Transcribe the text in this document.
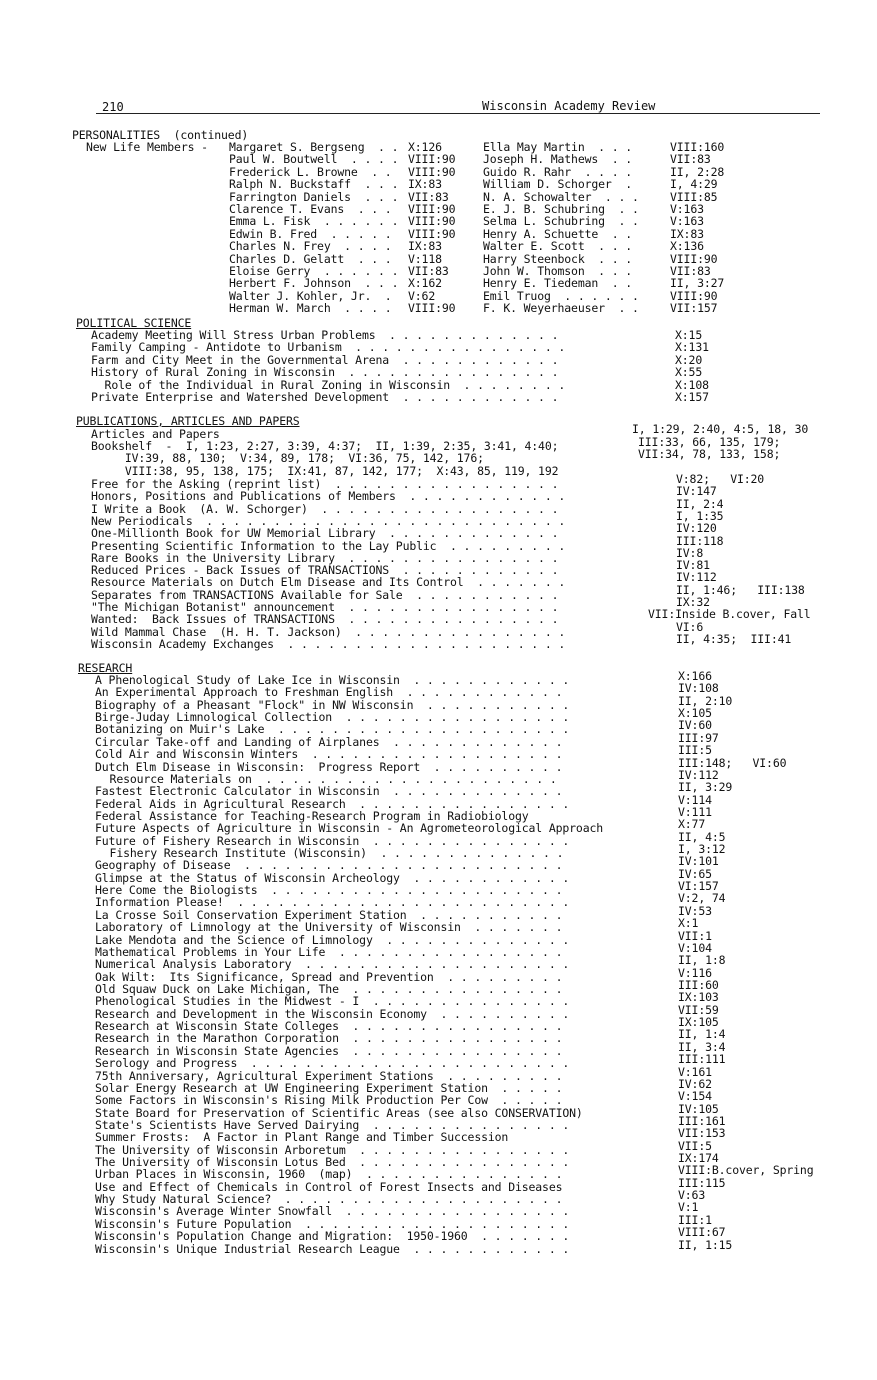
210	Wisconsin Academy Review
PERSONALITIES  (continued)
New Life Members - Margaret S. Bergseng  . . X:126
Paul W. Boutwell  . . . . VIII:90
Frederick L. Browne  . . VIII:90
Ralph N. Buckstaff  . . . IX:83
Farrington Daniels  . . . VII:83
Clarence T. Evans  . . . VIII:90
Emma L. Fisk  . . . . . . VIII:90
Edwin B. Fred  . . . . . VIII:90
Charles N. Frey  . . . . IX:83
Charles D. Gelatt  . . . V:118
Eloise Gerry  . . . . . . VII:83
Herbert F. Johnson  . . . X:162
Walter J. Kohler, Jr.  . V:62
Herman W. March  . . . . VIII:90
Ella May Martin  . . .	VIII:160
Joseph H. Mathews  . .	VII:83
Guido R. Rahr  . . . .	II, 2:28
William D. Schorger  .	I, 4:29
N. A. Schowalter  . . .	VIII:85
E. J. B. Schubring  . .	V:163
Selma L. Schubring  . .	V:163
Henry A. Schuette  . .	IX:83
Walter E. Scott  . . .	X:136
Harry Steenbock  . . .	VIII:90
John W. Thomson  . . .	VII:83
Henry E. Tiedeman  . .	II, 3:27
Emil Truog  . . . . . .	VIII:90
F. K. Weyerhaeuser  . .	VII:157
POLITICAL SCIENCE
Academy Meeting Will Stress Urban Problems  . . . . . . . . . . . . .	X:15
Family Camping - Antidote to Urbanism  . . . . . . . . . . . . . . . .	X:131
Farm and City Meet in the Governmental Arena  . . . . . . . . . . . .	X:20
History of Rural Zoning in Wisconsin  . . . . . . . . . . . . . . . .	X:55
Role of the Individual in Rural Zoning in Wisconsin  . . . . . . . .	X:108
Private Enterprise and Watershed Development  . . . . . . . . . . . .	X:157
PUBLICATIONS, ARTICLES AND PAPERS
Articles and Papers	I, 1:29, 2:40, 4:5, 18, 30
Bookshelf  -  I, 1:23, 2:27, 3:39, 4:37;  II, 1:39, 2:35, 3:41, 4:40;
IV:39, 88, 130;  V:34, 89, 178;  VI:36, 75, 142, 176;
VIII:38, 95, 138, 175;  IX:41, 87, 142, 177;  X:43, 85, 119, 192
III:33, 66, 135, 179;
VII:34, 78, 133, 158;
Free for the Asking (reprint list)  . . . . . . . . . . . . . . . . .	V:82;   VI:20
Honors, Positions and Publications of Members  . . . . . . . . . . . .	IV:147
I Write a Book  (A. W. Schorger)  . . . . . . . . . . . . . . . . . .	II, 2:4
New Periodicals  . . . . . . . . . . . . . . . . . . . . . . . . . . .	I, 1:35
One-Millionth Book for UW Memorial Library  . . . . . . . . . . . . .	IV:120
Presenting Scientific Information to the Lay Public  . . . . . . . . .	III:118
Rare Books in the University Library  . . . . . . . . . . . . . . . .	IV:8
Reduced Prices - Back Issues of TRANSACTIONS  . . . . . . . . . . . .	IV:81
Resource Materials on Dutch Elm Disease and Its Control  . . . . . . .	IV:112
Separates from TRANSACTIONS Available for Sale  . . . . . . . . . . .	II, 1:46;   III:138
"The Michigan Botanist" announcement  . . . . . . . . . . . . . . . .	IX:32
Wanted:  Back Issues of TRANSACTIONS  . . . . . . . . . . . . . . . .	VII:Inside B.cover, Fall
Wild Mammal Chase  (H. H. T. Jackson)  . . . . . . . . . . . . . . . .	VI:6
Wisconsin Academy Exchanges  . . . . . . . . . . . . . . . . . . . . .	II, 4:35;  III:41
RESEARCH
A Phenological Study of Lake Ice in Wisconsin  . . . . . . . . . . . .	X:166
An Experimental Approach to Freshman English  . . . . . . . . . . . .	IV:108
Biography of a Pheasant "Flock" in NW Wisconsin  . . . . . . . . . . .	II, 2:10
Birge-Juday Limnological Collection  . . . . . . . . . . . . . . . . .	X:105
Botanizing on Muir's Lake  . . . . . . . . . . . . . . . . . . . . . .	IV:60
Circular Take-off and Landing of Airplanes  . . . . . . . . . . . . .	III:97
Cold Air and Wisconsin Winters  . . . . . . . . . . . . . . . . . . .	III:5
Dutch Elm Disease in Wisconsin:  Progress Report  . . . . . . . . . .	III:148;   VI:60
Resource Materials on  . . . . . . . . . . . . . . . . . . . . . .	IV:112
Fastest Electronic Calculator in Wisconsin  . . . . . . . . . . . . .	II, 3:29
Federal Aids in Agricultural Research  . . . . . . . . . . . . . . . .	V:114
Federal Assistance for Teaching-Research Program in Radiobiology	V:111
Future Aspects of Agriculture in Wisconsin - An Agrometeorological Approach	X:77
Future of Fishery Research in Wisconsin  . . . . . . . . . . . . . . .	II, 4:5
Fishery Research Institute (Wisconsin)  . . . . . . . . . . . . . .	I, 3:12
Geography of Disease  . . . . . . . . . . . . . . . . . . . . . . . .	IV:101
Glimpse at the Status of Wisconsin Archeology  . . . . . . . . . . . .	IV:65
Here Come the Biologists  . . . . . . . . . . . . . . . . . . . . . .	VI:157
Information Please!  . . . . . . . . . . . . . . . . . . . . . . . . .	V:2, 74
La Crosse Soil Conservation Experiment Station  . . . . . . . . . . .	IV:53
Laboratory of Limnology at the University of Wisconsin  . . . . . . .	X:1
Lake Mendota and the Science of Limnology  . . . . . . . . . . . . . .	VII:1
Mathematical Problems in Your Life  . . . . . . . . . . . . . . . . .	V:104
Numerical Analysis Laboratory  . . . . . . . . . . . . . . . . . . . .	II, 1:8
Oak Wilt:  Its Significance, Spread and Prevention  . . . . . . . . .	V:116
Old Squaw Duck on Lake Michigan, The  . . . . . . . . . . . . . . . .	III:60
Phenological Studies in the Midwest - I  . . . . . . . . . . . . . . .	IX:103
Research and Development in the Wisconsin Economy  . . . . . . . . . .	VII:59
Research at Wisconsin State Colleges  . . . . . . . . . . . . . . . .	IX:105
Research in the Marathon Corporation  . . . . . . . . . . . . . . . .	II, 1:4
Research in Wisconsin State Agencies  . . . . . . . . . . . . . . . .	II, 3:4
Serology and Progress  . . . . . . . . . . . . . . . . . . . . . . . .	III:111
75th Anniversary, Agricultural Experiment Stations  . . . . . . . . .	V:161
Solar Energy Research at UW Engineering Experiment Station  . . . . .	IV:62
Some Factors in Wisconsin's Rising Milk Production Per Cow  . . . . .	V:154
State Board for Preservation of Scientific Areas (see also CONSERVATION)	IV:105
State's Scientists Have Served Dairying  . . . . . . . . . . . . . . .	III:161
Summer Frosts:  A Factor in Plant Range and Timber Succession	VII:153
The University of Wisconsin Arboretum  . . . . . . . . . . . . . . . .	VII:5
The University of Wisconsin Lotus Bed  . . . . . . . . . . . . . . . .	IX:174
Urban Places in Wisconsin, 1960  (map)  . . . . . . . . . . . . . . .	VIII:B.cover, Spring
Use and Effect of Chemicals in Control of Forest Insects and Diseases	III:115
Why Study Natural Science?  . . . . . . . . . . . . . . . . . . . . .	V:63
Wisconsin's Average Winter Snowfall  . . . . . . . . . . . . . . . . .	V:1
Wisconsin's Future Population  . . . . . . . . . . . . . . . . . . . .	III:1
Wisconsin's Population Change and Migration:  1950-1960  . . . . . . .	VIII:67
Wisconsin's Unique Industrial Research League  . . . . . . . . . . . .	II, 1:15
